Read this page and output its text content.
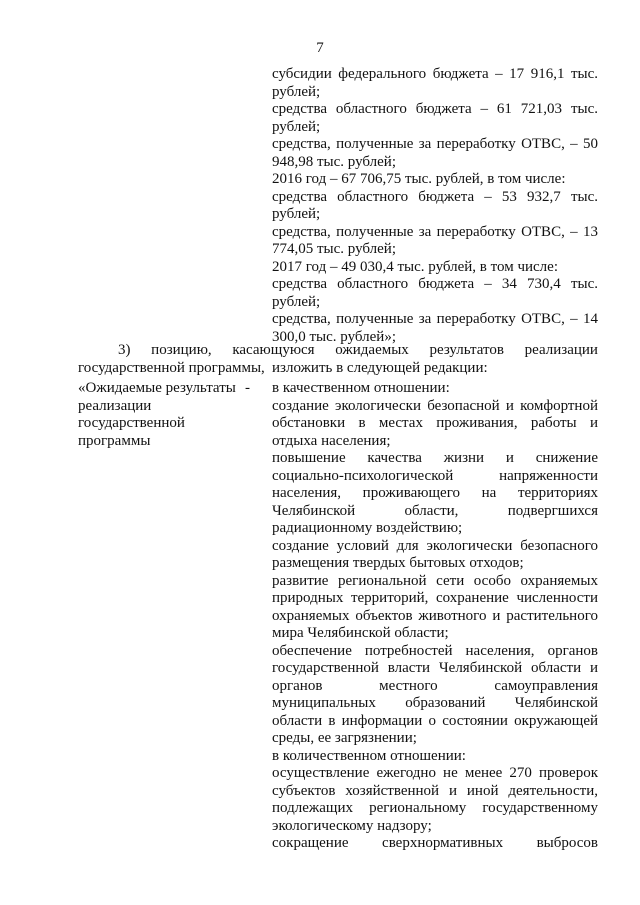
7

субсидии федерального бюджета – 17 916,1 тыс. рублей;

средства областного бюджета – 61 721,03 тыс. рублей;

средства, полученные за переработку ОТВС, – 50 948,98 тыс. рублей;

2016 год – 67 706,75 тыс. рублей, в том числе:

средства областного бюджета – 53 932,7 тыс. рублей;

средства, полученные за переработку ОТВС, – 13 774,05 тыс. рублей;

2017 год – 49 030,4 тыс. рублей, в том числе:

средства областного бюджета – 34 730,4 тыс. рублей;

средства, полученные за переработку ОТВС, – 14 300,0 тыс. рублей»;

3) позицию, касающуюся ожидаемых результатов реализации
государственной программы, изложить в следующей редакции:
«Ожидаемые результаты
реализации
государственной
программы
- в качественном отношении:

создание экологически безопасной и комфортной обстановки в местах проживания, работы и отдыха населения;

повышение качества жизни и снижение социально-психологической напряженности населения, проживающего на территориях Челябинской области, подвергшихся радиационному воздействию;

создание условий для экологически безопасного размещения твердых бытовых отходов;

развитие региональной сети особо охраняемых природных территорий, сохранение численности охраняемых объектов животного и растительного мира Челябинской области;

обеспечение потребностей населения, органов государственной власти Челябинской области и органов местного самоуправления муниципальных образований Челябинской области в информации о состоянии окружающей среды, ее загрязнении;

в количественном отношении:

осуществление ежегодно не менее 270 проверок субъектов хозяйственной и иной деятельности, подлежащих региональному государственному экологическому надзору;

сокращение сверхнормативных выбросов
